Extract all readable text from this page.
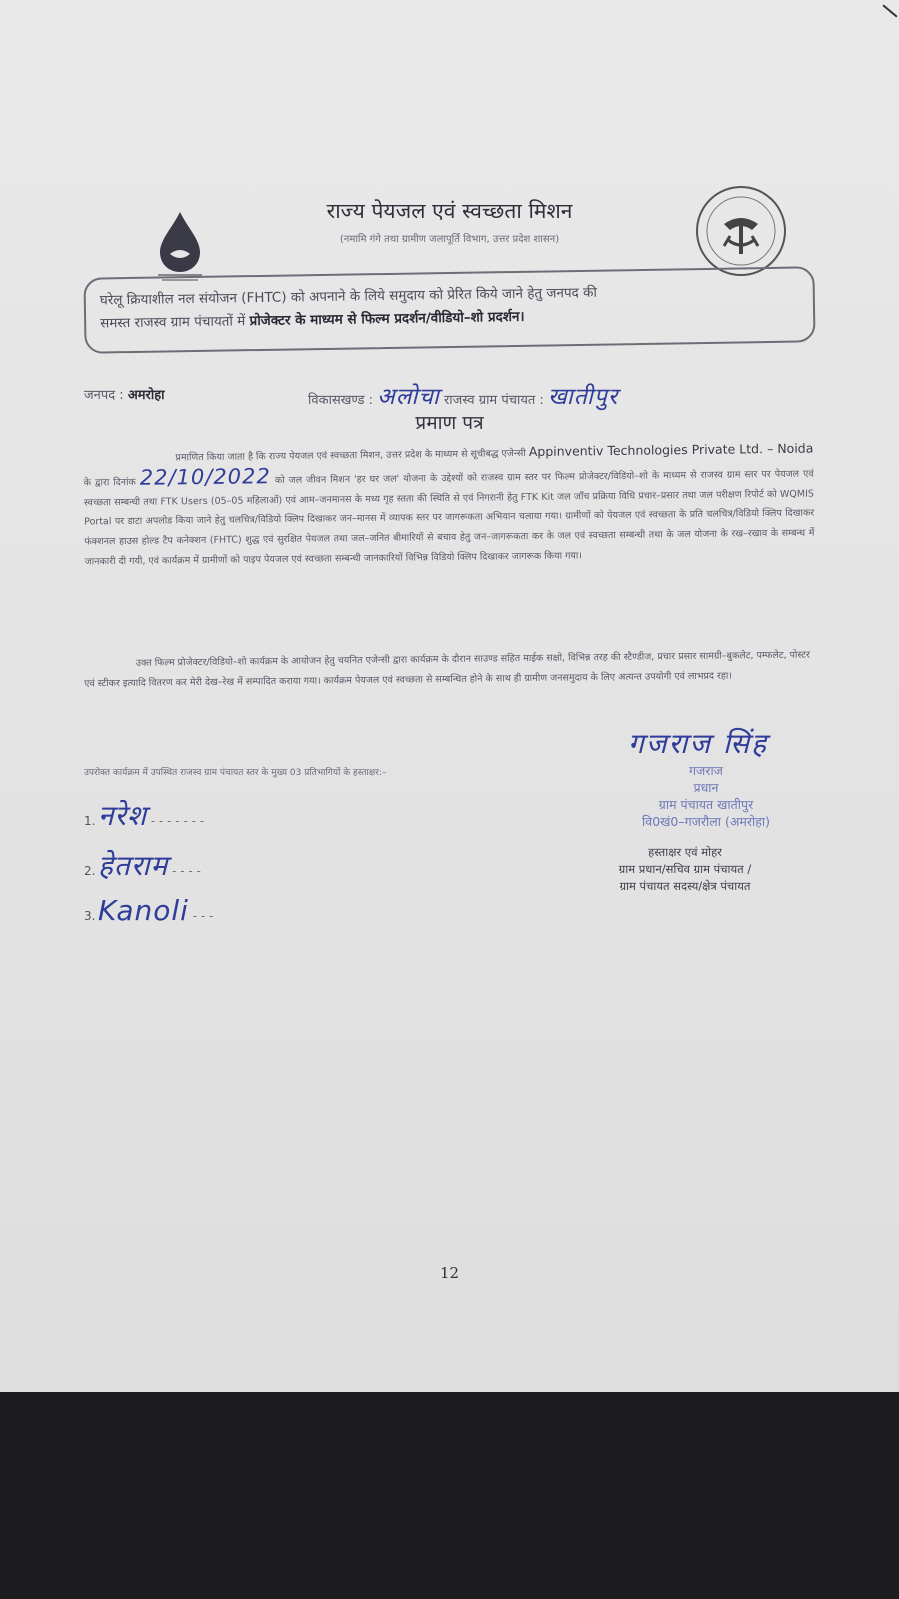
राज्य पेयजल एवं स्वच्छता मिशन
(नमामि गंगे तथा ग्रामीण जलापूर्ति विभाग, उत्तर प्रदेश शासन)
घरेलू क्रियाशील नल संयोजन (FHTC) को अपनाने के लिये समुदाय को प्रेरित किये जाने हेतु जनपद की
समस्त राजस्व ग्राम पंचायतों में प्रोजेक्टर के माध्यम से फिल्म प्रदर्शन/वीडियो–शो प्रदर्शन।
जनपद : अमरोहा	विकासखण्ड : अलोचा राजस्व ग्राम पंचायत : खातीपुर
प्रमाण पत्र
प्रमाणित किया जाता है कि राज्य पेयजल एवं स्वच्छता मिशन, उत्तर प्रदेश के माध्यम से सूचीबद्ध एजेन्सी Appinventiv Technologies Private Ltd. – Noida के द्वारा दिनांक 22/10/2022 को जल जीवन मिशन 'हर घर जल' योजना के उद्देश्यों को राजस्व ग्राम स्तर पर फिल्म प्रोजेक्टर/विडियो–शो के माध्यम से राजस्व ग्राम स्तर पर पेयजल एवं स्वच्छता सम्बन्धी तथा FTK Users (05–05 महिलाओं) एवं आम–जनमानस के मध्य गृह स्तता की स्थिति से एवं निगरानी हेतु FTK Kit जल जाँच प्रक्रिया विधि प्रचार–प्रसार तथा जल परीक्षण रिपोर्ट को WQMIS Portal पर डाटा अपलोड किया जाने हेतु चलचित्र/विडियो क्लिप दिखाकर जन–मानस में व्यापक स्तर पर जागरूकता अभियान चलाया गया। ग्रामीणों को पेयजल एवं स्वच्छता के प्रति चलचित्र/विडियो क्लिप दिखाकर फंक्शनल हाउस होल्ड टैप कनेक्शन (FHTC) शुद्ध एवं सुरक्षित पेयजल तथा जल–जनित बीमारियों से बचाव हेतु जन–जागरूकता कर के जल एवं स्वच्छता सम्बन्धी तथा के जल योजना के रख–रखाव के सम्बन्ध में जानकारी दी गयी, एवं कार्यक्रम में ग्रामीणों को पाइप पेयजल एवं स्वच्छता सम्बन्धी जानकारियों विभिन्न विडियो क्लिप दिखाकर जागरूक किया गया।
उक्त फिल्म प्रोजेक्टर/विडियो–शो कार्यक्रम के आयोजन हेतु चयनित एजेन्सी द्वारा कार्यक्रम के दौरान साउण्ड सहित माईक सक्षो, विभिन्न तरह की स्टैण्डीज, प्रचार प्रसार सामग्री–बुकलेट, पम्फलेट, पोस्टर एवं स्टीकर इत्यादि वितरण कर मेरी देख–रेख में सम्पादित कराया गया। कार्यक्रम पेयजल एवं स्वच्छता से सम्बन्धित होने के साथ ही ग्रामीण जनसमुदाय के लिए अत्यन्त उपयोगी एवं लाभप्रद रहा।
उपरोक्त कार्यक्रम में उपस्थित राजस्व ग्राम पंचायत स्तर के मुख्य 03 प्रतिभागियों के हस्ताक्षर:–
1.नरेश - - - - - - -
2.हेतराम - - - -
3.Kanoli - - -
गजराज सिंह
गजराज
प्रधान
ग्राम पंचायत खातीपुर
वि0खं0–गजरौला (अमरोहा)
हस्ताक्षर एवं मोहर
ग्राम प्रधान/सचिव ग्राम पंचायत /
ग्राम पंचायत सदस्य/क्षेत्र पंचायत
12
